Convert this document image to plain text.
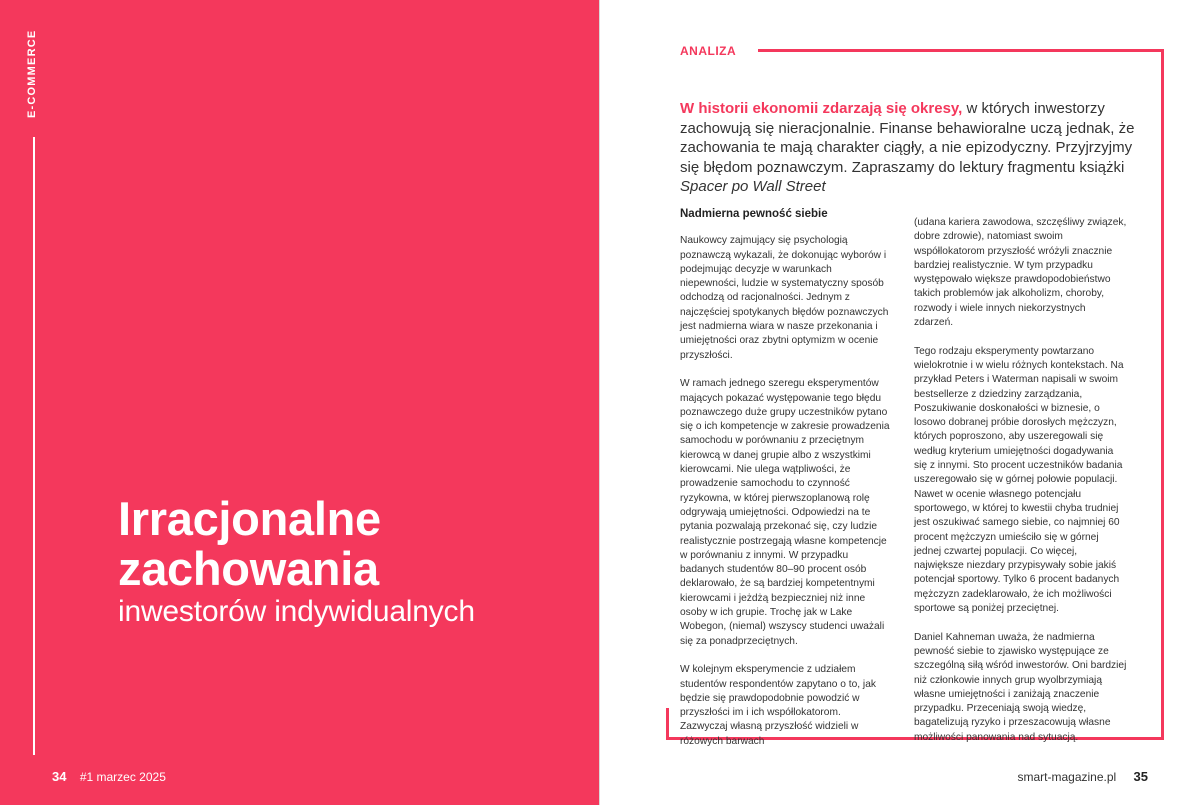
E-COMMERCE
Irracjonalne
zachowania
inwestorów indywidualnych
34 #1 marzec 2025
ANALIZA
W historii ekonomii zdarzają się okresy, w których inwestorzy zachowują się nieracjonalnie. Finanse behawioralne uczą jednak, że zachowania te mają charakter ciągły, a nie epizodyczny. Przyjrzyjmy się błędom poznawczym. Zapraszamy do lektury fragmentu książki Spacer po Wall Street
Nadmierna pewność siebie

Naukowcy zajmujący się psychologią poznawczą wykazali, że dokonując wyborów i podejmując decyzje w warunkach niepewności, ludzie w systematyczny sposób odchodzą od racjonalności. Jednym z najczęściej spotykanych błędów poznawczych jest nadmierna wiara w nasze przekonania i umiejętności oraz zbytni optymizm w ocenie przyszłości.

W ramach jednego szeregu eksperymentów mających pokazać występowanie tego błędu poznawczego duże grupy uczestników pytano się o ich kompetencje w zakresie prowadzenia samochodu w porównaniu z przeciętnym kierowcą w danej grupie albo z wszystkimi kierowcami. Nie ulega wątpliwości, że prowadzenie samochodu to czynność ryzykowna, w której pierwszoplanową rolę odgrywają umiejętności. Odpowiedzi na te pytania pozwalają przekonać się, czy ludzie realistycznie postrzegają własne kompetencje w porównaniu z innymi. W przypadku badanych studentów 80–90 procent osób deklarowało, że są bardziej kompetentnymi kierowcami i jeżdżą bezpieczniej niż inne osoby w ich grupie. Trochę jak w Lake Wobegon, (niemal) wszyscy studenci uważali się za ponadprzeciętnych.

W kolejnym eksperymencie z udziałem studentów respondentów zapytano o to, jak będzie się prawdopodobnie powodzić w przyszłości im i ich współlokatorom. Zazwyczaj własną przyszłość widzieli w różowych barwach

(udana kariera zawodowa, szczęśliwy związek, dobre zdrowie), natomiast swoim współlokatorom przyszłość wróżyli znacznie bardziej realistycznie. W tym przypadku występowało większe prawdopodobieństwo takich problemów jak alkoholizm, choroby, rozwody i wiele innych niekorzystnych zdarzeń.

Tego rodzaju eksperymenty powtarzano wielokrotnie i w wielu różnych kontekstach. Na przykład Peters i Waterman napisali w swoim bestsellerze z dziedziny zarządzania, Poszukiwanie doskonałości w biznesie, o losowo dobranej próbie dorosłych mężczyzn, których poproszono, aby uszeregowali się według kryterium umiejętności dogadywania się z innymi. Sto procent uczestników badania uszeregowało się w górnej połowie populacji. Nawet w ocenie własnego potencjału sportowego, w której to kwestii chyba trudniej jest oszukiwać samego siebie, co najmniej 60 procent mężczyzn umieściło się w górnej jednej czwartej populacji. Co więcej, największe niezdary przypisywały sobie jakiś potencjał sportowy. Tylko 6 procent badanych mężczyzn zadeklarowało, że ich możliwości sportowe są poniżej przeciętnej.

Daniel Kahneman uważa, że nadmierna pewność siebie to zjawisko występujące ze szczególną siłą wśród inwestorów. Oni bardziej niż członkowie innych grup wyolbrzymiają własne umiejętności i zaniżają znaczenie przypadku. Przeceniają swoją wiedzę, bagatelizują ryzyko i przeszacowują własne możliwości panowania nad sytuacją.

smart-magazine.pl 35
